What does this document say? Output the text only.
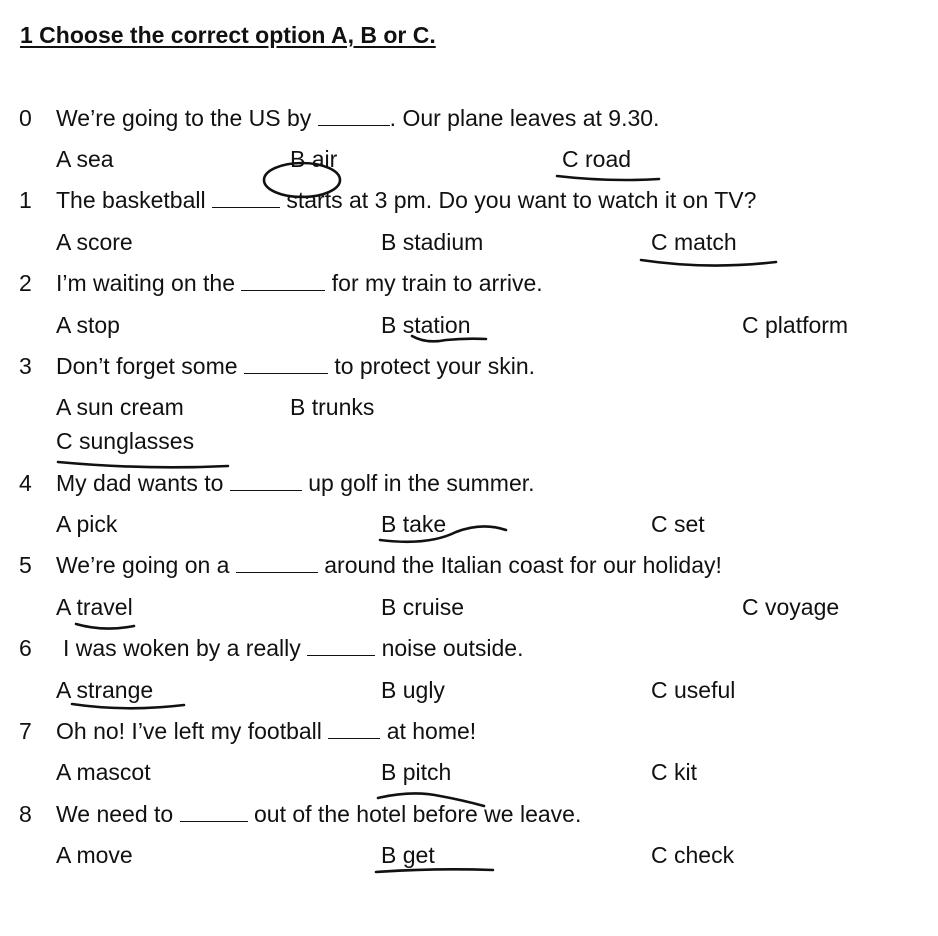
1 Choose the correct option A, B or C.
0 We’re going to the US by	. Our plane leaves at 9.30.
A sea	B air	C road
1 The basketball	starts at 3 pm. Do you want to watch it on TV?
A score	B stadium	C match
2 I’m waiting on the	for my train to arrive.
A stop	B station	C platform
3 Don’t forget some	to protect your skin.
A sun cream	B trunks
C sunglasses
4 My dad wants to	up golf in the summer.
A pick	B take	C set
5 We’re going on a	around the Italian coast for our holiday!
A travel	B cruise	C voyage
6 I was woken by a really	noise outside.
A strange	B ugly	C useful
7 Oh no! I’ve left my football	at home!
A mascot	B pitch	C kit
8 We need to	out of the hotel before we leave.
A move	B get	C check
